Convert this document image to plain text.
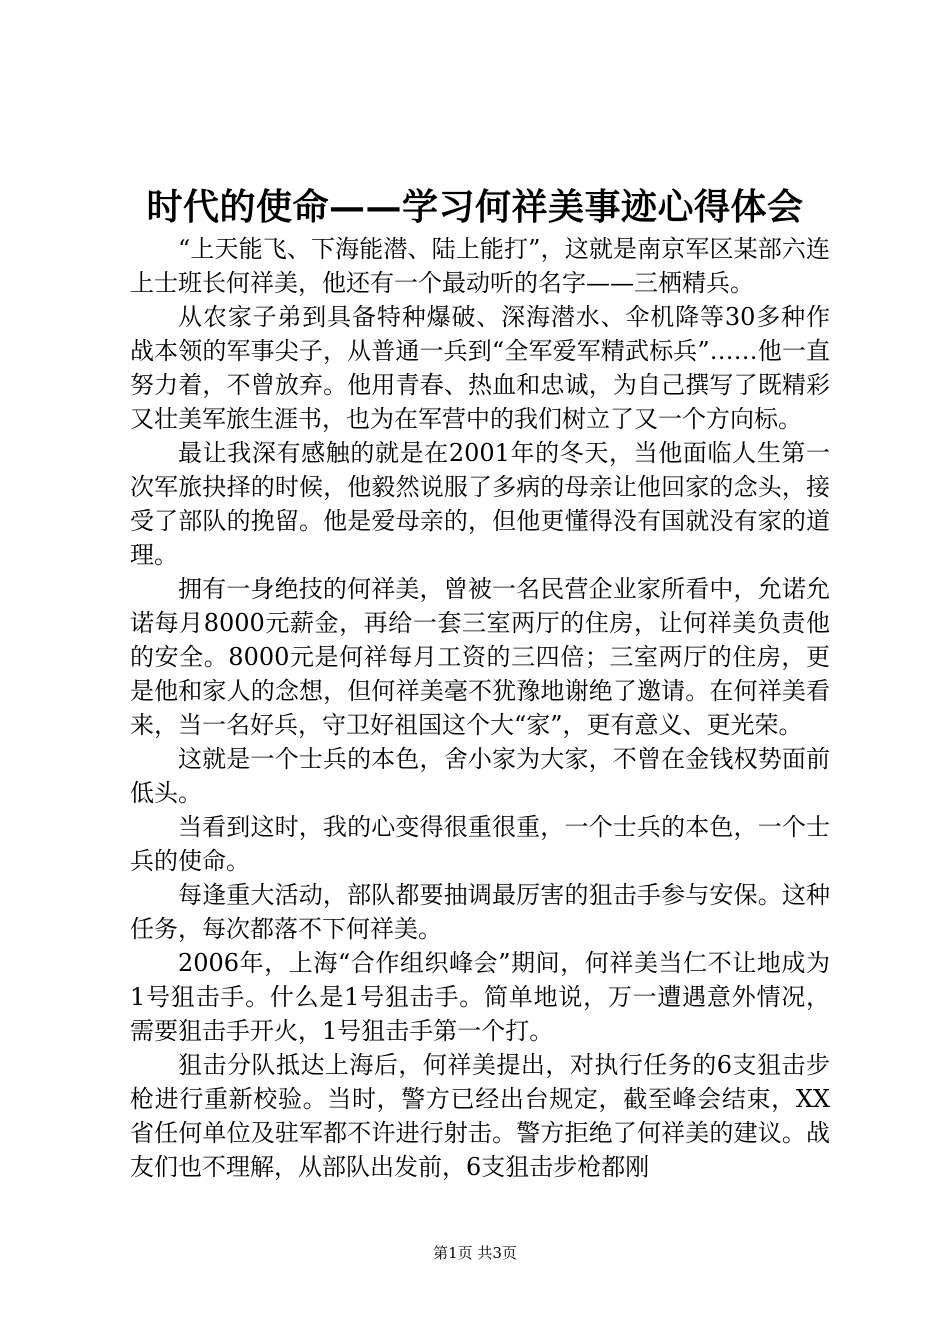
时代的使命——学习何祥美事迹心得体会

“上天能飞、下海能潜、陆上能打”，这就是南京军区某部六连上士班长何祥美，他还有一个最动听的名字——三栖精兵。

从农家子弟到具备特种爆破、深海潜水、伞机降等30多种作战本领的军事尖子，从普通一兵到“全军爱军精武标兵”……他一直努力着，不曾放弃。他用青春、热血和忠诚，为自己撰写了既精彩又壮美军旅生涯书，也为在军营中的我们树立了又一个方向标。

最让我深有感触的就是在2001年的冬天，当他面临人生第一次军旅抉择的时候，他毅然说服了多病的母亲让他回家的念头，接受了部队的挽留。他是爱母亲的，但他更懂得没有国就没有家的道理。

拥有一身绝技的何祥美，曾被一名民营企业家所看中，允诺允诺每月8000元薪金，再给一套三室两厅的住房，让何祥美负责他的安全。8000元是何祥每月工资的三四倍；三室两厅的住房，更是他和家人的念想，但何祥美毫不犹豫地谢绝了邀请。在何祥美看来，当一名好兵，守卫好祖国这个大“家”，更有意义、更光荣。

这就是一个士兵的本色，舍小家为大家，不曾在金钱权势面前低头。

当看到这时，我的心变得很重很重，一个士兵的本色，一个士兵的使命。

每逢重大活动，部队都要抽调最厉害的狙击手参与安保。这种任务，每次都落不下何祥美。

2006年，上海“合作组织峰会”期间，何祥美当仁不让地成为1号狙击手。什么是1号狙击手。简单地说，万一遭遇意外情况，需要狙击手开火，1号狙击手第一个打。

狙击分队抵达上海后，何祥美提出，对执行任务的6支狙击步枪进行重新校验。当时，警方已经出台规定，截至峰会结束，XX省任何单位及驻军都不许进行射击。警方拒绝了何祥美的建议。战友们也不理解，从部队出发前，6支狙击步枪都刚

第1页 共3页
